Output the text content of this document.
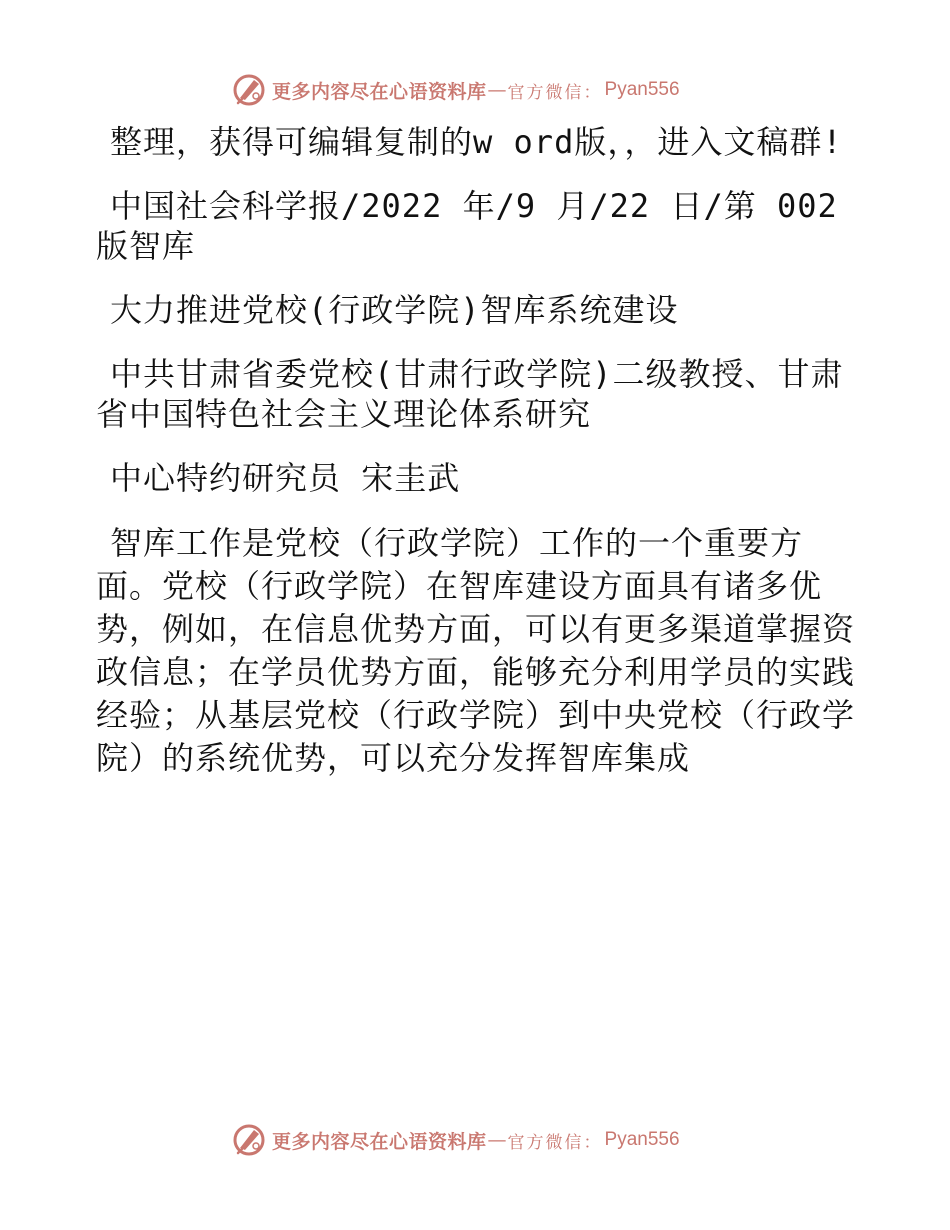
更多内容尽在心语资料库 — 官方微信： Pyan556

整理，获得可编辑复制的w ord版，，进入文稿群!

中国社会科学报/2022 年/9 月/22 日/第 002 版智库

大力推进党校(行政学院)智库系统建设

中共甘肃省委党校(甘肃行政学院)二级教授、甘肃省中国特色社会主义理论体系研究

中心特约研究员 宋圭武

智库工作是党校（行政学院）工作的一个重要方面。党校（行政学院）在智库建设方面具有诸多优势，例如，在信息优势方面，可以有更多渠道掌握资政信息；在学员优势方面，能够充分利用学员的实践经验；从基层党校（行政学院）到中央党校（行政学院）的系统优势，可以充分发挥智库集成

更多内容尽在心语资料库 — 官方微信： Pyan556
